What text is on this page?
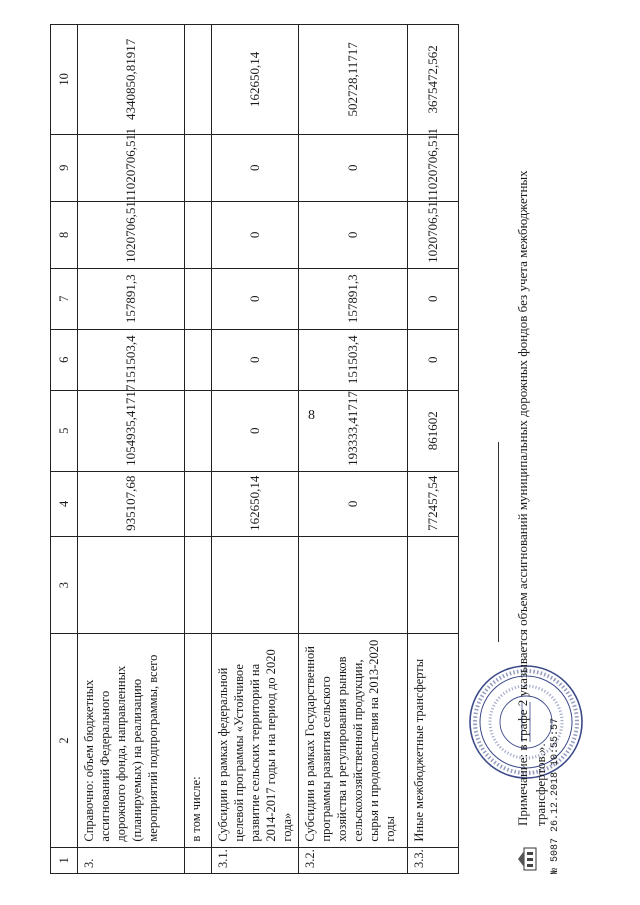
8
1	2	3	4	5	6	7	8	9	10
3.	Справочно: объем бюджетных ассигнований Федерального дорожного фонда, направленных (планируемых) на реализацию мероприятий подпрограммы, всего		935107,68	1054935,41717	151503,4	157891,3	1020706,511	1020706,511	4340850,81917
	в том числе:								
3.1.	Субсидии в рамках федеральной целевой программы «Устойчивое развитие сельских территорий на 2014-2017 годы и на период до 2020 года»		162650,14	0	0	0	0	0	162650,14
3.2.	Субсидии в рамках Государственной программы развития сельского хозяйства и регулирования рынков сельскохозяйственной продукции, сырья и продовольствия на 2013-2020 годы		0	193333,41717	151503,4	157891,3	0	0	502728,11717
3.3.	Иные межбюджетные трансферты		772457,54	861602	0	0	1020706,511	1020706,511	3675472,562
Примечание: в графе 2 указывается объем ассигнований муниципальных дорожных фондов без учета межбюджетных трансфертов.». № 5087 26.12.2018 10:55:57
